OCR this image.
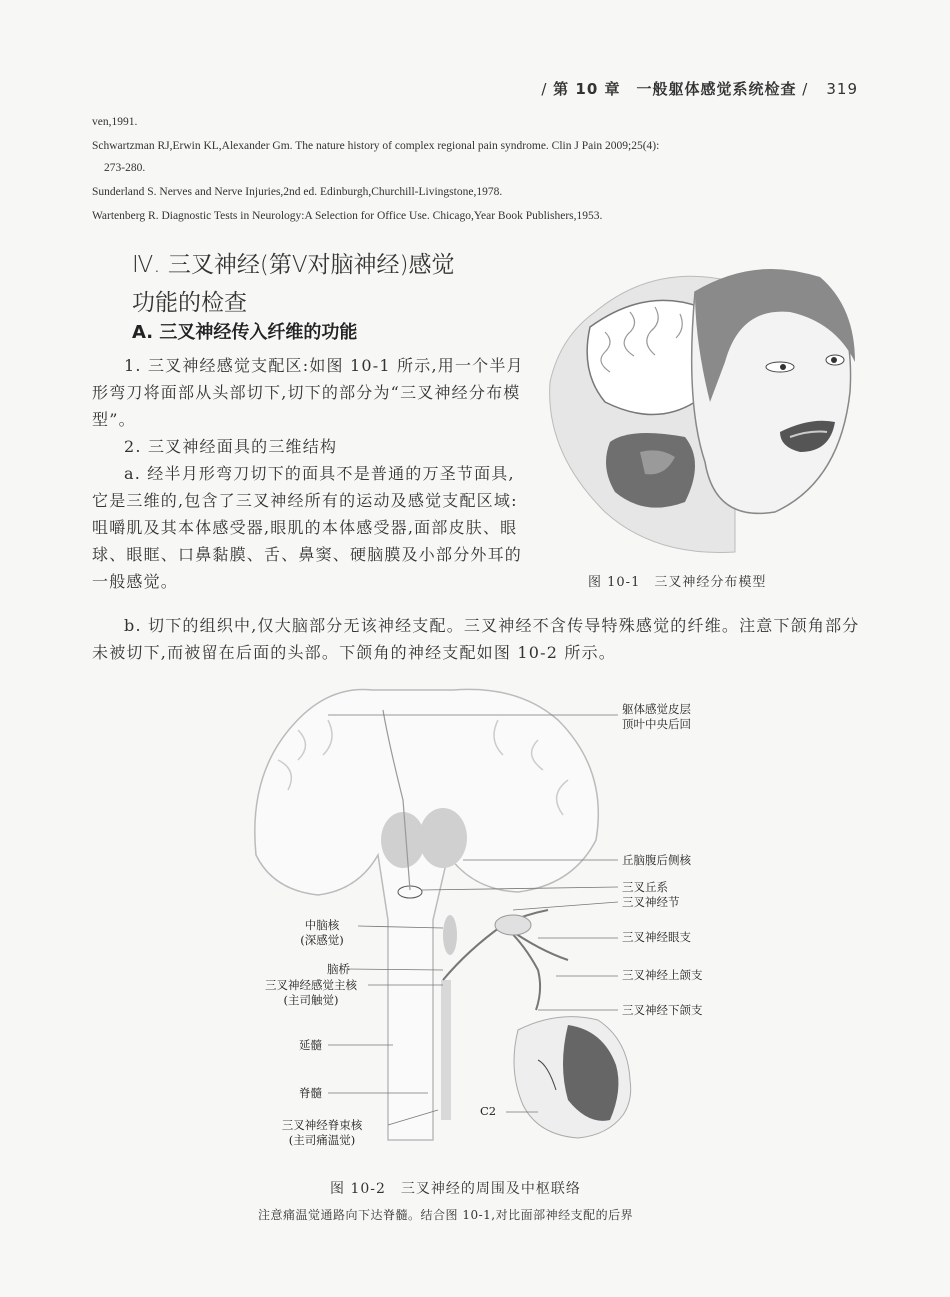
/ 第 10 章　 一般躯体感觉系统检查 / 319
ven,1991.
Schwartzman RJ,Erwin KL,Alexander Gm. The nature history of complex regional pain syndrome. Clin J Pain 2009;25(4):
273-280.
Sunderland S. Nerves and Nerve Injuries,2nd ed. Edinburgh,Churchill-Livingstone,1978.
Wartenberg R. Diagnostic Tests in Neurology:A Selection for Office Use. Chicago,Year Book Publishers,1953.
Ⅳ. 三叉神经(第Ⅴ对脑神经)感觉
功能的检查
A. 三叉神经传入纤维的功能
1. 三叉神经感觉支配区:如图 10-1 所示,用一个半月形弯刀将面部从头部切下,切下的部分为“三叉神经分布模型”。
2. 三叉神经面具的三维结构
a. 经半月形弯刀切下的面具不是普通的万圣节面具,它是三维的,包含了三叉神经所有的运动及感觉支配区域:咀嚼肌及其本体感受器,眼肌的本体感受器,面部皮肤、眼球、眼眶、口鼻黏膜、舌、鼻窦、硬脑膜及小部分外耳的一般感觉。
b. 切下的组织中,仅大脑部分无该神经支配。三叉神经不含传导特殊感觉的纤维。注意下颌角部分未被切下,而被留在后面的头部。下颌角的神经支配如图 10-2 所示。
图 10-1　三叉神经分布模型
躯体感觉皮层
顶叶中央后回
丘脑腹后侧核
三叉丘系
三叉神经节
三叉神经眼支
三叉神经上颌支
三叉神经下颌支
中脑核
(深感觉)
脑桥
三叉神经感觉主核
(主司触觉)
延髓
脊髓
三叉神经脊束核
(主司痛温觉)
C2
图 10-2　三叉神经的周围及中枢联络
注意痛温觉通路向下达脊髓。结合图 10-1,对比面部神经支配的后界
